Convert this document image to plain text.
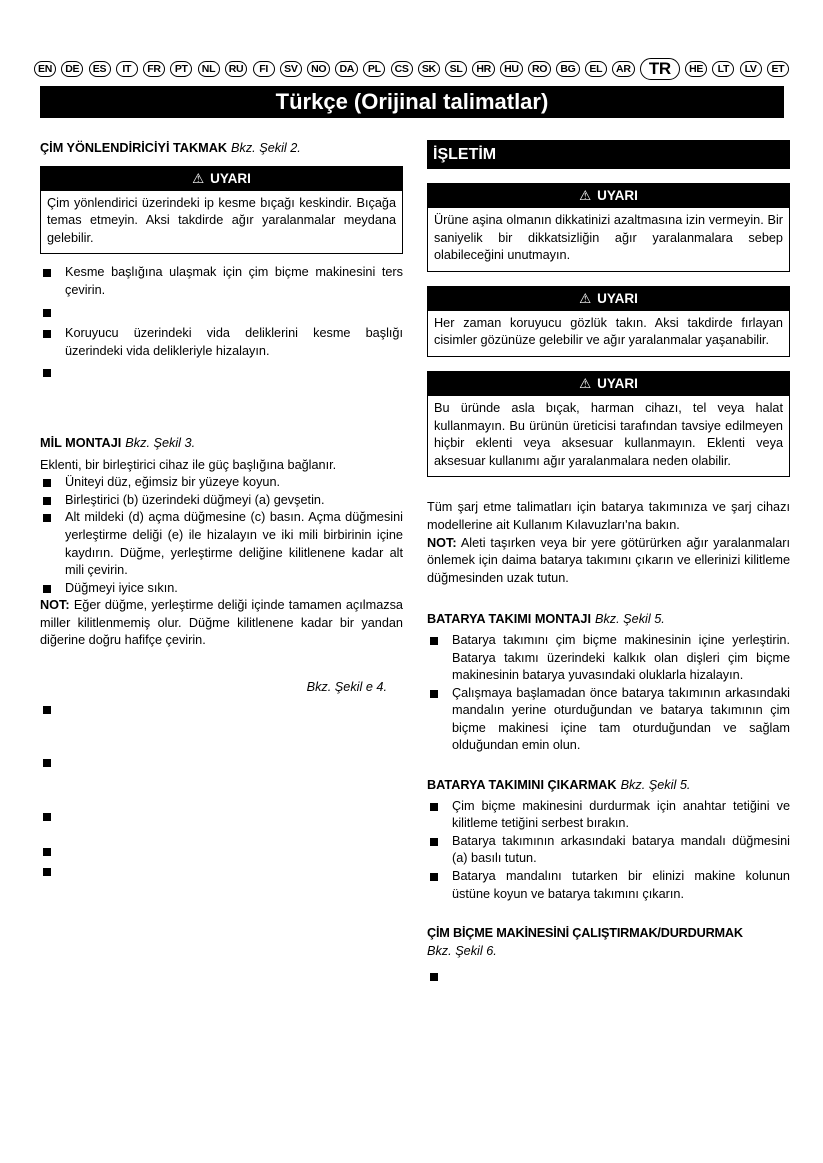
EN	DE	ES	IT	FR	PT	NL	RU	FI	SV	NO	DA	PL	CS	SK	SL	HR	HU	RO	BG	EL	AR	TR	HE	LT	LV	ET
Türkçe (Orijinal talimatlar)
ÇİM YÖNLENDİRİCİYİ TAKMAK Bkz. Şekil 2.
⚠ UYARI
Çim yönlendirici üzerindeki ip kesme bıçağı keskindir. Bıçağa temas etmeyin. Aksi takdirde ağır yaralanmalar meydana gelebilir.
Kesme başlığına ulaşmak için çim biçme makinesini ters çevirin.
Koruyucu üzerindeki vida deliklerini kesme başlığı üzerindeki vida delikleriyle hizalayın.
MİL MONTAJI Bkz. Şekil 3.

Eklenti, bir birleştirici cihaz ile güç başlığına bağlanır.

Üniteyi düz, eğimsiz bir yüzeye koyun.
Birleştirici (b) üzerindeki düğmeyi (a) gevşetin.
Alt mildeki (d) açma düğmesine (c) basın. Açma düğmesini yerleştirme deliği (e) ile hizalayın ve iki mili birbirinin içine kaydırın. Düğme, yerleştirme deliğine kilitlenene kadar alt mili çevirin.
Düğmeyi iyice sıkın.

NOT: Eğer düğme, yerleştirme deliği içinde tamamen açılmazsa miller kilitlenmemiş olur. Düğme kilitlenene kadar bir yandan diğerine doğru hafifçe çevirin.

Bkz. Şekil e 4.
İŞLETİM
⚠ UYARI
Ürüne aşina olmanın dikkatinizi azaltmasına izin vermeyin. Bir saniyelik bir dikkatsizliğin ağır yaralanmalara sebep olabileceğini unutmayın.
⚠ UYARI
Her zaman koruyucu gözlük takın. Aksi takdirde fırlayan cisimler gözünüze gelebilir ve ağır yaralanmalar yaşanabilir.
⚠ UYARI
Bu üründe asla bıçak, harman cihazı, tel veya halat kullanmayın. Bu ürünün üreticisi tarafından tavsiye edilmeyen hiçbir eklenti veya aksesuar kullanmayın. Eklenti veya aksesuar kullanımı ağır yaralanmalara neden olabilir.

Tüm şarj etme talimatları için batarya takımınıza ve şarj cihazı modellerine ait Kullanım Kılavuzları'na bakın.

NOT: Aleti taşırken veya bir yere götürürken ağır yaralanmaları önlemek için daima batarya takımını çıkarın ve ellerinizi kilitleme düğmesinden uzak tutun.

BATARYA TAKIMI MONTAJI Bkz. Şekil 5.
Batarya takımını çim biçme makinesinin içine yerleştirin. Batarya takımı üzerindeki kalkık olan dişleri çim biçme makinesinin batarya yuvasındaki oluklarla hizalayın.
Çalışmaya başlamadan önce batarya takımının arkasındaki mandalın yerine oturduğundan ve batarya takımının çim biçme makinesi içine tam oturduğundan ve sağlam olduğundan emin olun.
BATARYA TAKIMINI ÇIKARMAK Bkz. Şekil 5.
Çim biçme makinesini durdurmak için anahtar tetiğini ve kilitleme tetiğini serbest bırakın.
Batarya takımının arkasındaki batarya mandalı düğmesini (a) basılı tutun.
Batarya mandalını tutarken bir elinizi makine kolunun üstüne koyun ve batarya takımını çıkarın.
ÇİM BİÇME MAKİNESİNİ ÇALIŞTIRMAK/DURDURMAK
Bkz. Şekil 6.
